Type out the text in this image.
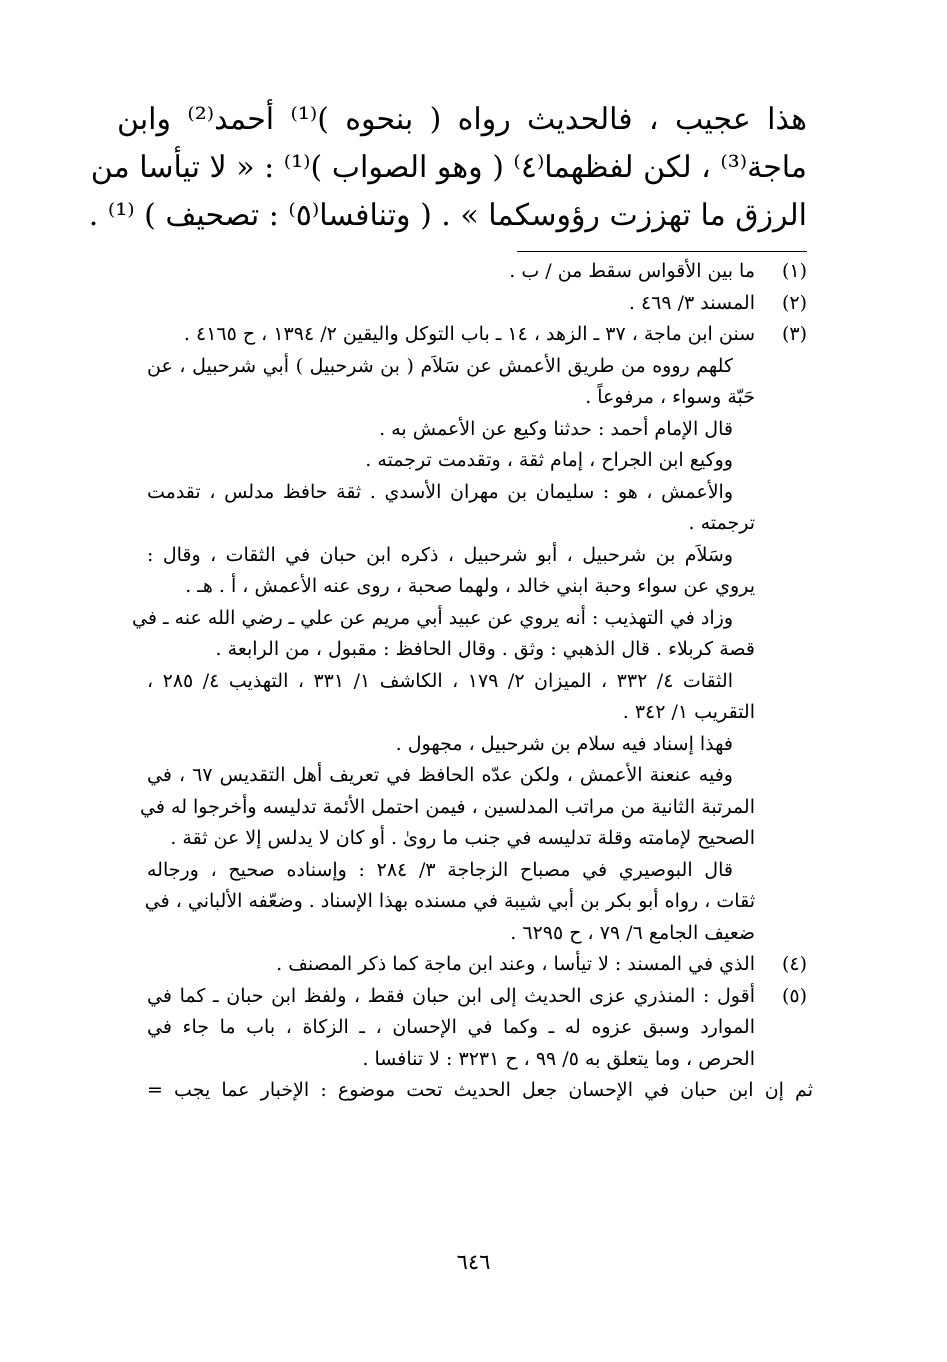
هذا عجيب ، فالحديث رواه ( بنحوه )⁽¹⁾ أحمد⁽²⁾ وابن
ماجة⁽³⁾ ، لكن لفظهما⁽٤⁾ ( وهو الصواب )⁽¹⁾ : « لا تيأسا من
الرزق ما تهززت رؤوسكما » . ( وتنافسا⁽٥⁾ : تصحيف ) ⁽¹⁾ .
(١)
ما بين الأقواس سقط من / ب .
(٢)
المسند ٣/ ٤٦٩ .
(٣)
سنن ابن ماجة ، ٣٧ ـ الزهد ، ١٤ ـ باب التوكل واليقين ٢/ ١٣٩٤ ، ح ٤١٦٥ .
كلهم رووه من طريق الأعمش عن سَلاَم ( بن شرحبيل ) أبي شرحبيل ، عن
حَبّة وسواء ، مرفوعاً .
قال الإمام أحمد : حدثنا وكيع عن الأعمش به .
ووكيع ابن الجراح ، إمام ثقة ، وتقدمت ترجمته .
والأعمش ، هو : سليمان بن مهران الأسدي . ثقة حافظ مدلس ، تقدمت
ترجمته .
وسَلاَم بن شرحبيل ، أبو شرحبيل ، ذكره ابن حبان في الثقات ، وقال :
يروي عن سواء وحبة ابني خالد ، ولهما صحبة ، روى عنه الأعمش ، أ . هـ .
وزاد في التهذيب : أنه يروي عن عبيد أبي مريم عن علي ـ رضي الله عنه ـ في
قصة كربلاء . قال الذهبي : وثق . وقال الحافظ : مقبول ، من الرابعة .
الثقات ٤/ ٣٣٢ ، الميزان ٢/ ١٧٩ ، الكاشف ١/ ٣٣١ ، التهذيب ٤/ ٢٨٥ ،
التقريب ١/ ٣٤٢ .
فهذا إسناد فيه سلام بن شرحبيل ، مجهول .
وفيه عنعنة الأعمش ، ولكن عدّه الحافظ في تعريف أهل التقديس ٦٧ ، في
المرتبة الثانية من مراتب المدلسين ، فيمن احتمل الأئمة تدليسه وأخرجوا له في
الصحيح لإمامته وقلة تدليسه في جنب ما روىٰ . أو كان لا يدلس إلا عن ثقة .
قال البوصيري في مصباح الزجاجة ٣/ ٢٨٤ : وإسناده صحيح ، ورجاله
ثقات ، رواه أبو بكر بن أبي شيبة في مسنده بهذا الإسناد . وضعّفه الألباني ، في
ضعيف الجامع ٦/ ٧٩ ، ح ٦٢٩٥ .
(٤)
الذي في المسند : لا تيأسا ، وعند ابن ماجة كما ذكر المصنف .
(٥)
أقول : المنذري عزى الحديث إلى ابن حبان فقط ، ولفظ ابن حبان ـ كما في
الموارد وسبق عزوه له ـ وكما في الإحسان ، ـ الزكاة ، باب ما جاء في
الحرص ، وما يتعلق به ٥/ ٩٩ ، ح ٣٢٣١ : لا تنافسا .
ثم إن ابن حبان في الإحسان جعل الحديث تحت موضوع : الإخبار عما يجب =
٦٤٦
